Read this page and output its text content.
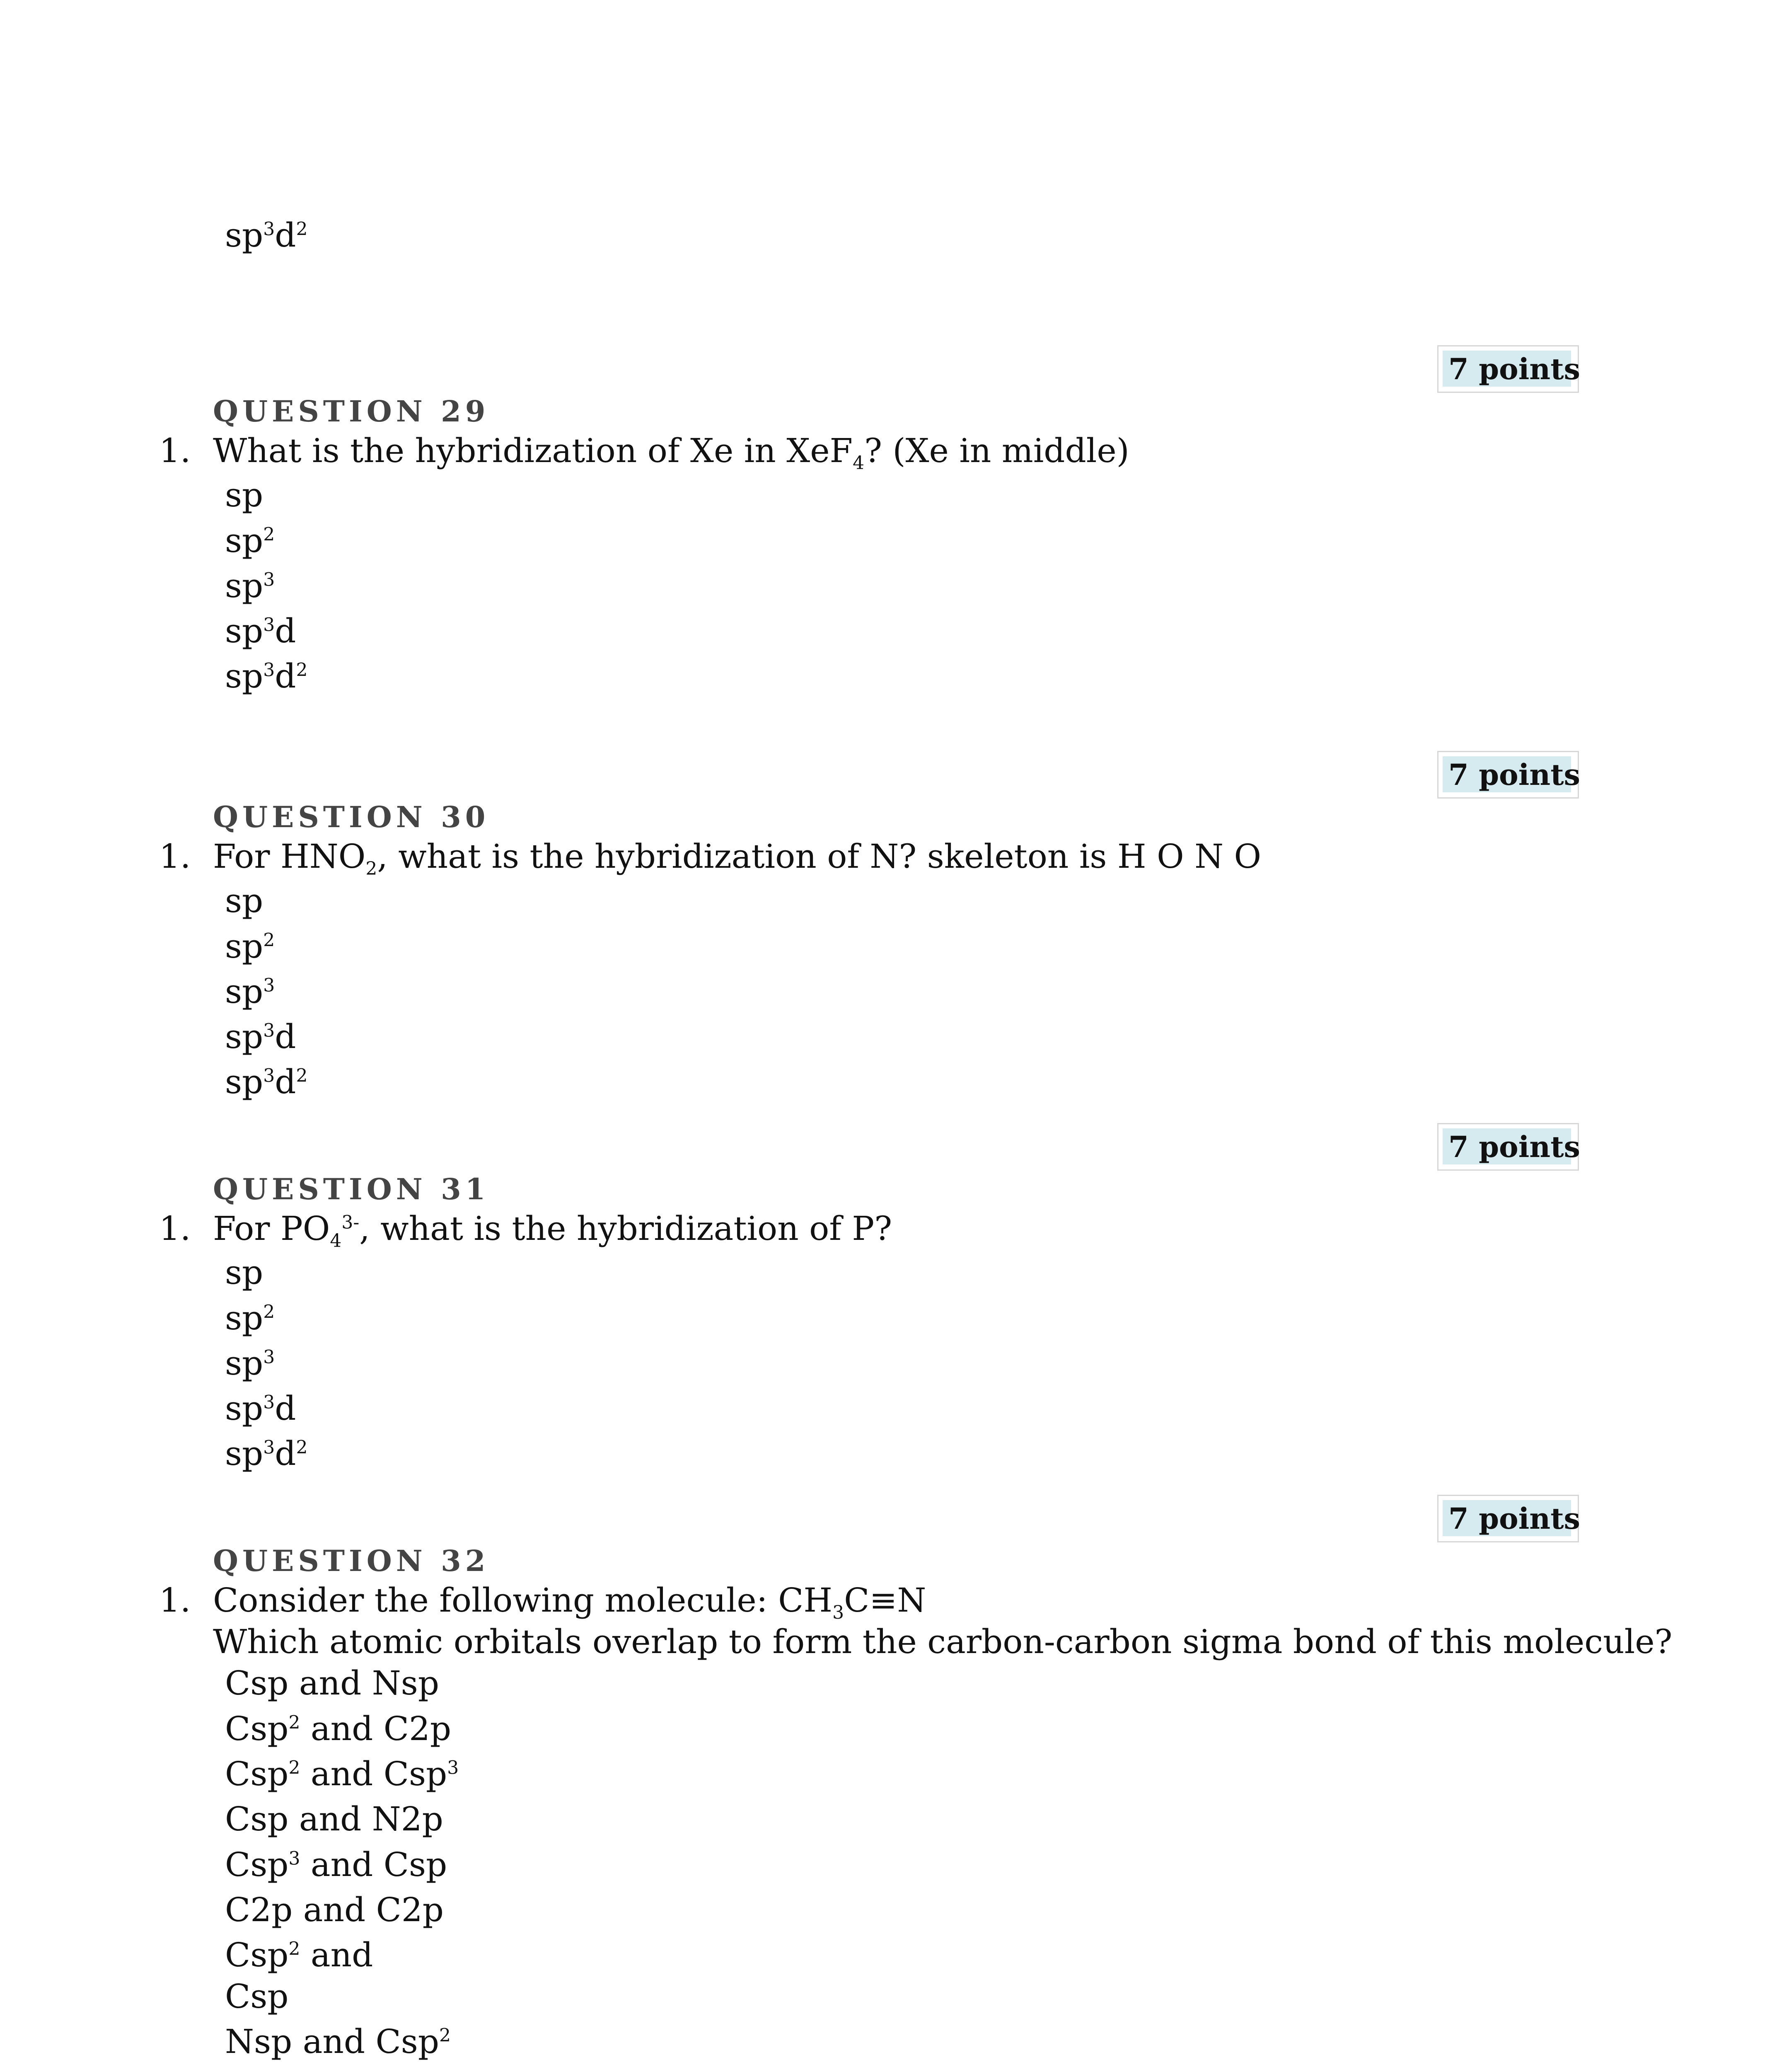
$sp^3d^2$
7 points
QUESTION 29
1. What is the hybridization of Xe in XeF$_4$? (Xe in middle)
sp
$sp^2$
$sp^3$
$sp^3d$
$sp^3d^2$
7 points
QUESTION 30
1. For $HNO_2$, what is the hybridization of N? skeleton is H O N O
sp
$sp^2$
$sp^3$
$sp^3d$
$sp^3d^2$
7 points
QUESTION 31
1. For $PO_4^{3-}$, what is the hybridization of P?
sp
$sp^2$
$sp^3$
$sp^3d$
$sp^3d^2$
7 points
QUESTION 32
1. Consider the following molecule: $CH_3C\equiv N$
Which atomic orbitals overlap to form the carbon-carbon sigma bond of this molecule?
Csp and Nsp
Csp$^2$ and C2p
Csp$^2$ and Csp$^3$
Csp and N2p
Csp$^3$ and Csp
C2p and C2p
Csp$^2$ and
Csp
Nsp and Csp$^2$
